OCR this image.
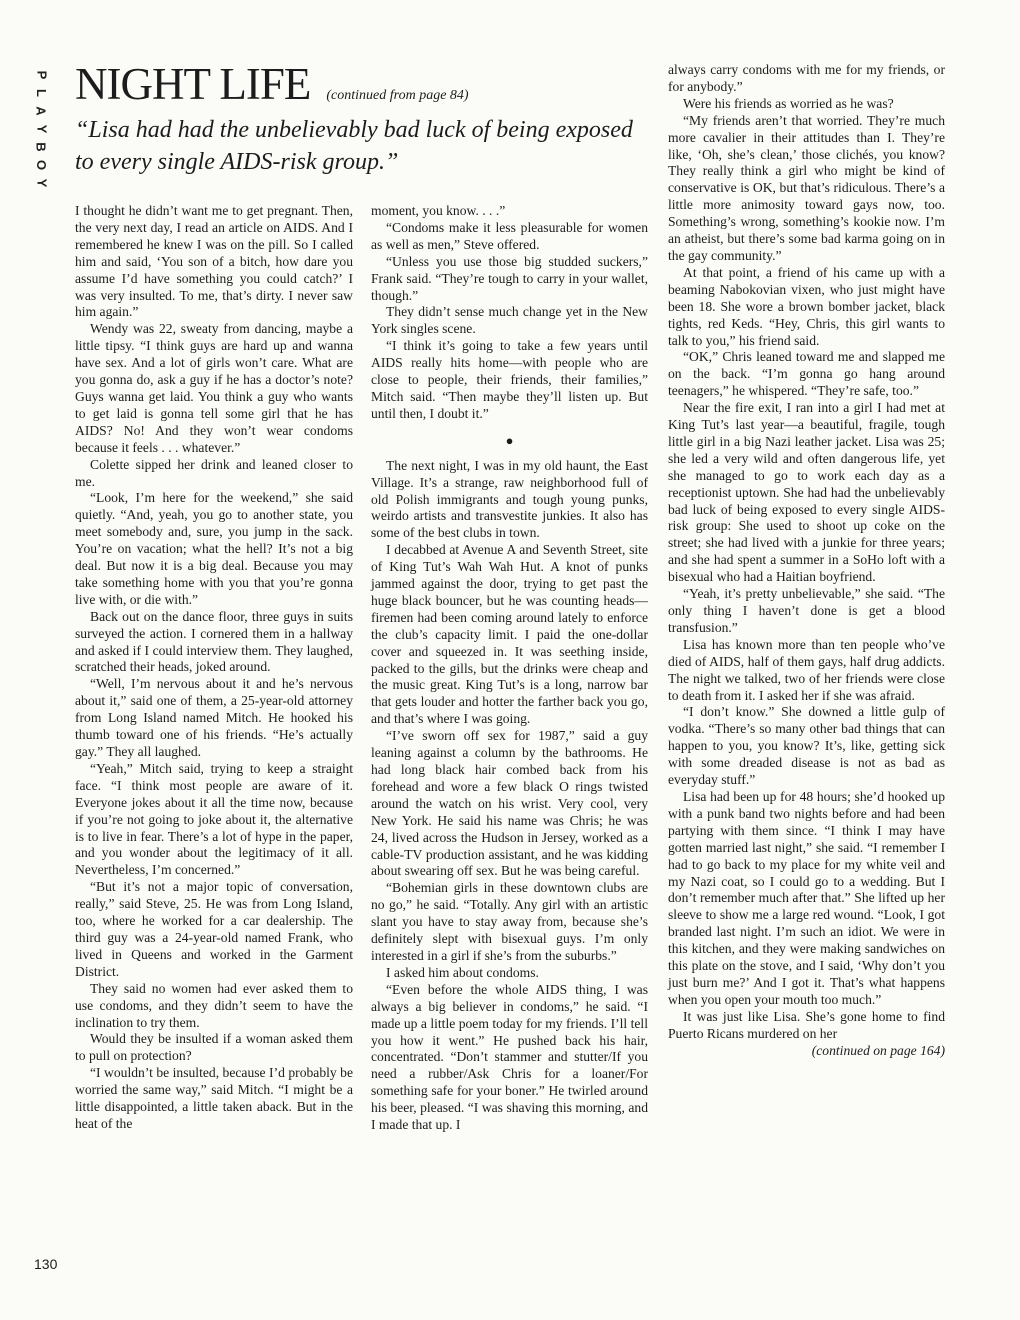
P
L
A
Y
B
O
Y
NIGHT LIFE (continued from page 84)
“Lisa had had the unbelievably bad luck of being exposed to every single AIDS-risk group.”

I thought he didn’t want me to get pregnant. Then, the very next day, I read an article on AIDS. And I remembered he knew I was on the pill. So I called him and said, ‘You son of a bitch, how dare you assume I’d have something you could catch?’ I was very insulted. To me, that’s dirty. I never saw him again.”

Wendy was 22, sweaty from dancing, maybe a little tipsy. “I think guys are hard up and wanna have sex. And a lot of girls won’t care. What are you gonna do, ask a guy if he has a doctor’s note? Guys wanna get laid. You think a guy who wants to get laid is gonna tell some girl that he has AIDS? No! And they won’t wear condoms because it feels . . . whatever.”

Colette sipped her drink and leaned closer to me.

“Look, I’m here for the weekend,” she said quietly. “And, yeah, you go to another state, you meet somebody and, sure, you jump in the sack. You’re on vacation; what the hell? It’s not a big deal. But now it is a big deal. Because you may take something home with you that you’re gonna live with, or die with.”

Back out on the dance floor, three guys in suits surveyed the action. I cornered them in a hallway and asked if I could interview them. They laughed, scratched their heads, joked around.

“Well, I’m nervous about it and he’s nervous about it,” said one of them, a 25-year-old attorney from Long Island named Mitch. He hooked his thumb toward one of his friends. “He’s actually gay.” They all laughed.

“Yeah,” Mitch said, trying to keep a straight face. “I think most people are aware of it. Everyone jokes about it all the time now, because if you’re not going to joke about it, the alternative is to live in fear. There’s a lot of hype in the paper, and you wonder about the legitimacy of it all. Nevertheless, I’m concerned.”

“But it’s not a major topic of conversation, really,” said Steve, 25. He was from Long Island, too, where he worked for a car dealership. The third guy was a 24-year-old named Frank, who lived in Queens and worked in the Garment District.

They said no women had ever asked them to use condoms, and they didn’t seem to have the inclination to try them.

Would they be insulted if a woman asked them to pull on protection?

“I wouldn’t be insulted, because I’d probably be worried the same way,” said Mitch. “I might be a little disappointed, a little taken aback. But in the heat of the

moment, you know. . . .”

“Condoms make it less pleasurable for women as well as men,” Steve offered.

“Unless you use those big studded suckers,” Frank said. “They’re tough to carry in your wallet, though.”

They didn’t sense much change yet in the New York singles scene.

“I think it’s going to take a few years until AIDS really hits home—with people who are close to people, their friends, their families,” Mitch said. “Then maybe they’ll listen up. But until then, I doubt it.”

●

The next night, I was in my old haunt, the East Village. It’s a strange, raw neighborhood full of old Polish immigrants and tough young punks, weirdo artists and transvestite junkies. It also has some of the best clubs in town.

I decabbed at Avenue A and Seventh Street, site of King Tut’s Wah Wah Hut. A knot of punks jammed against the door, trying to get past the huge black bouncer, but he was counting heads—firemen had been coming around lately to enforce the club’s capacity limit. I paid the one-dollar cover and squeezed in. It was seething inside, packed to the gills, but the drinks were cheap and the music great. King Tut’s is a long, narrow bar that gets louder and hotter the farther back you go, and that’s where I was going.

“I’ve sworn off sex for 1987,” said a guy leaning against a column by the bathrooms. He had long black hair combed back from his forehead and wore a few black O rings twisted around the watch on his wrist. Very cool, very New York. He said his name was Chris; he was 24, lived across the Hudson in Jersey, worked as a cable-TV production assistant, and he was kidding about swearing off sex. But he was being careful.

“Bohemian girls in these downtown clubs are no go,” he said. “Totally. Any girl with an artistic slant you have to stay away from, because she’s definitely slept with bisexual guys. I’m only interested in a girl if she’s from the suburbs.”

I asked him about condoms.

“Even before the whole AIDS thing, I was always a big believer in condoms,” he said. “I made up a little poem today for my friends. I’ll tell you how it went.” He pushed back his hair, concentrated. “Don’t stammer and stutter/If you need a rubber/Ask Chris for a loaner/For something safe for your boner.” He twirled around his beer, pleased. “I was shaving this morning, and I made that up. I

always carry condoms with me for my friends, or for anybody.”

Were his friends as worried as he was?

“My friends aren’t that worried. They’re much more cavalier in their attitudes than I. They’re like, ‘Oh, she’s clean,’ those clichés, you know? They really think a girl who might be kind of conservative is OK, but that’s ridiculous. There’s a little more animosity toward gays now, too. Something’s wrong, something’s kookie now. I’m an atheist, but there’s some bad karma going on in the gay community.”

At that point, a friend of his came up with a beaming Nabokovian vixen, who just might have been 18. She wore a brown bomber jacket, black tights, red Keds. “Hey, Chris, this girl wants to talk to you,” his friend said.

“OK,” Chris leaned toward me and slapped me on the back. “I’m gonna go hang around teenagers,” he whispered. “They’re safe, too.”

Near the fire exit, I ran into a girl I had met at King Tut’s last year—a beautiful, fragile, tough little girl in a big Nazi leather jacket. Lisa was 25; she led a very wild and often dangerous life, yet she managed to go to work each day as a receptionist uptown. She had had the unbelievably bad luck of being exposed to every single AIDS-risk group: She used to shoot up coke on the street; she had lived with a junkie for three years; and she had spent a summer in a SoHo loft with a bisexual who had a Haitian boyfriend.

“Yeah, it’s pretty unbelievable,” she said. “The only thing I haven’t done is get a blood transfusion.”

Lisa has known more than ten people who’ve died of AIDS, half of them gays, half drug addicts. The night we talked, two of her friends were close to death from it. I asked her if she was afraid.

“I don’t know.” She downed a little gulp of vodka. “There’s so many other bad things that can happen to you, you know? It’s, like, getting sick with some dreaded disease is not as bad as everyday stuff.”

Lisa had been up for 48 hours; she’d hooked up with a punk band two nights before and had been partying with them since. “I think I may have gotten married last night,” she said. “I remember I had to go back to my place for my white veil and my Nazi coat, so I could go to a wedding. But I don’t remember much after that.” She lifted up her sleeve to show me a large red wound. “Look, I got branded last night. I’m such an idiot. We were in this kitchen, and they were making sandwiches on this plate on the stove, and I said, ‘Why don’t you just burn me?’ And I got it. That’s what happens when you open your mouth too much.”

It was just like Lisa. She’s gone home to find Puerto Ricans murdered on her

(continued on page 164)
130
